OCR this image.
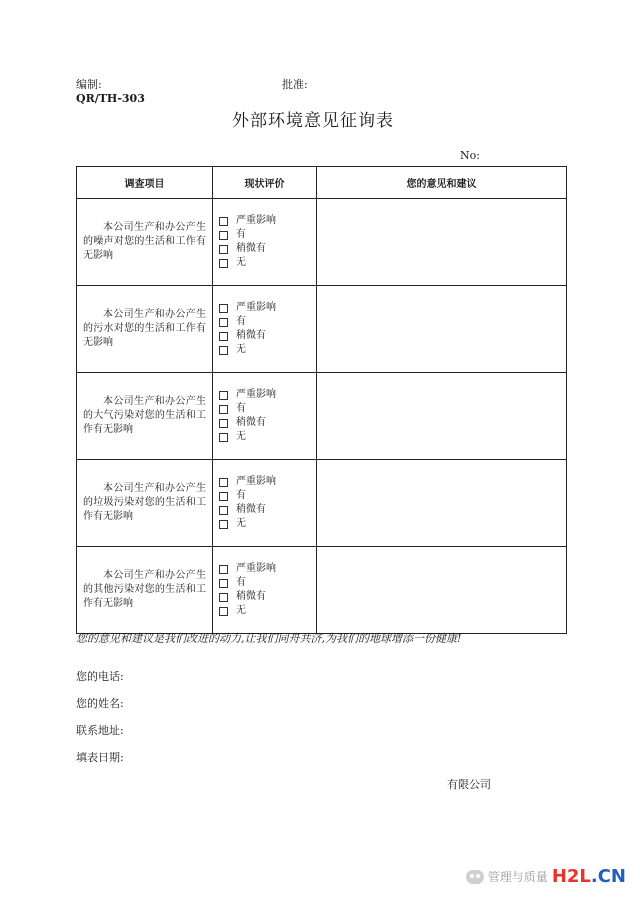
编制:	批准:
QR/TH-303
外部环境意见征询表
No:
调查项目	现状评价	您的意见和建议

本公司生产和办公产生的噪声对您的生活和工作有无影响	严重影响
有
稍微有
无	

本公司生产和办公产生的污水对您的生活和工作有无影响	严重影响
有
稍微有
无	

本公司生产和办公产生的大气污染对您的生活和工作有无影响	严重影响
有
稍微有
无	

本公司生产和办公产生的垃圾污染对您的生活和工作有无影响	严重影响
有
稍微有
无	

本公司生产和办公产生的其他污染对您的生活和工作有无影响	严重影响
有
稍微有
无	

您的意见和建议是我们改进的动力,让我们同舟共济,为我们的地球增添一份健康!
您的电话:
您的姓名:
联系地址:
填表日期:
有限公司
管理与质量 H2L.CN
